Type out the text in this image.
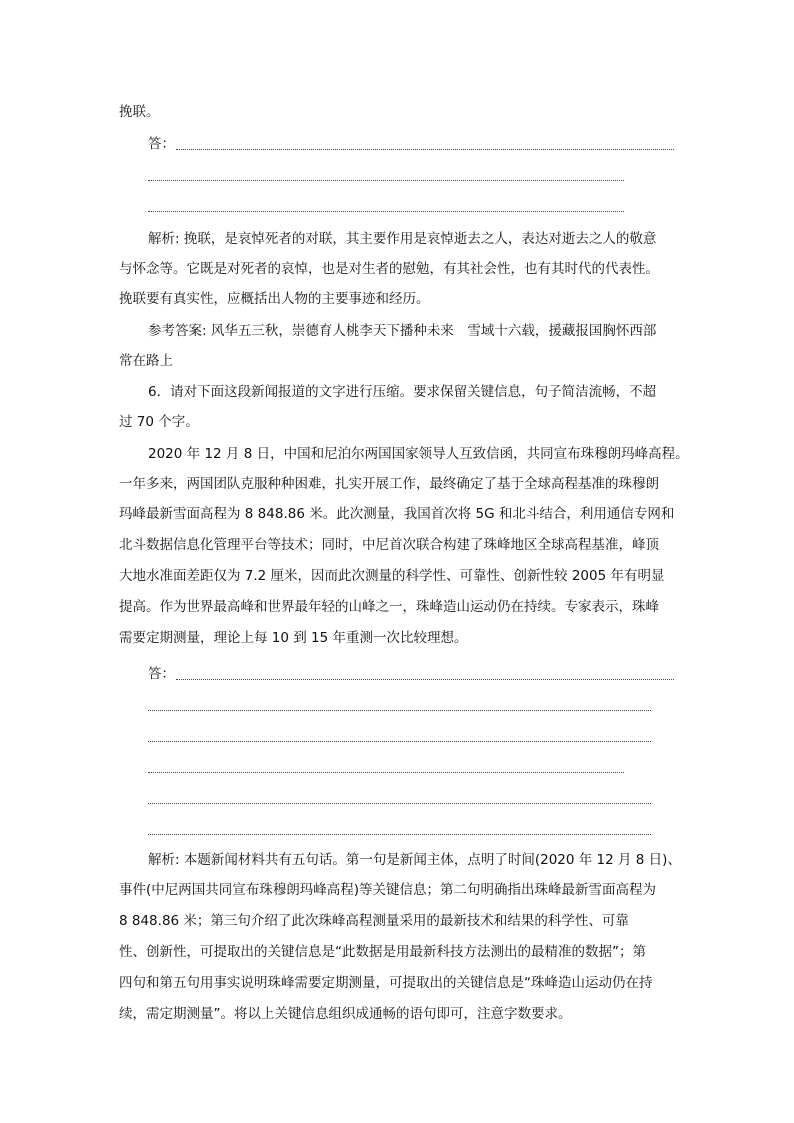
挽联。
答：
解析: 挽联，是哀悼死者的对联，其主要作用是哀悼逝去之人，表达对逝去之人的敬意
与怀念等。它既是对死者的哀悼，也是对生者的慰勉，有其社会性，也有其时代的代表性。
挽联要有真实性，应概括出人物的主要事迹和经历。
参考答案: 风华五三秋，崇德育人桃李天下播种未来　雪域十六载，援藏报国胸怀西部
常在路上
6．请对下面这段新闻报道的文字进行压缩。要求保留关键信息，句子简洁流畅，不超
过 70 个字。
2020 年 12 月 8 日，中国和尼泊尔两国国家领导人互致信函，共同宣布珠穆朗玛峰高程。
一年多来，两国团队克服种种困难，扎实开展工作，最终确定了基于全球高程基准的珠穆朗
玛峰最新雪面高程为 8 848.86 米。此次测量，我国首次将 5G 和北斗结合，利用通信专网和
北斗数据信息化管理平台等技术；同时，中尼首次联合构建了珠峰地区全球高程基准，峰顶
大地水准面差距仅为 7.2 厘米，因而此次测量的科学性、可靠性、创新性较 2005 年有明显
提高。作为世界最高峰和世界最年轻的山峰之一，珠峰造山运动仍在持续。专家表示，珠峰
需要定期测量，理论上每 10 到 15 年重测一次比较理想。
答：
解析: 本题新闻材料共有五句话。第一句是新闻主体，点明了时间(2020 年 12 月 8 日)、
事件(中尼两国共同宣布珠穆朗玛峰高程)等关键信息；第二句明确指出珠峰最新雪面高程为
8 848.86 米；第三句介绍了此次珠峰高程测量采用的最新技术和结果的科学性、可靠
性、创新性，可提取出的关键信息是“此数据是用最新科技方法测出的最精准的数据”；第
四句和第五句用事实说明珠峰需要定期测量，可提取出的关键信息是“珠峰造山运动仍在持
续，需定期测量”。将以上关键信息组织成通畅的语句即可，注意字数要求。
